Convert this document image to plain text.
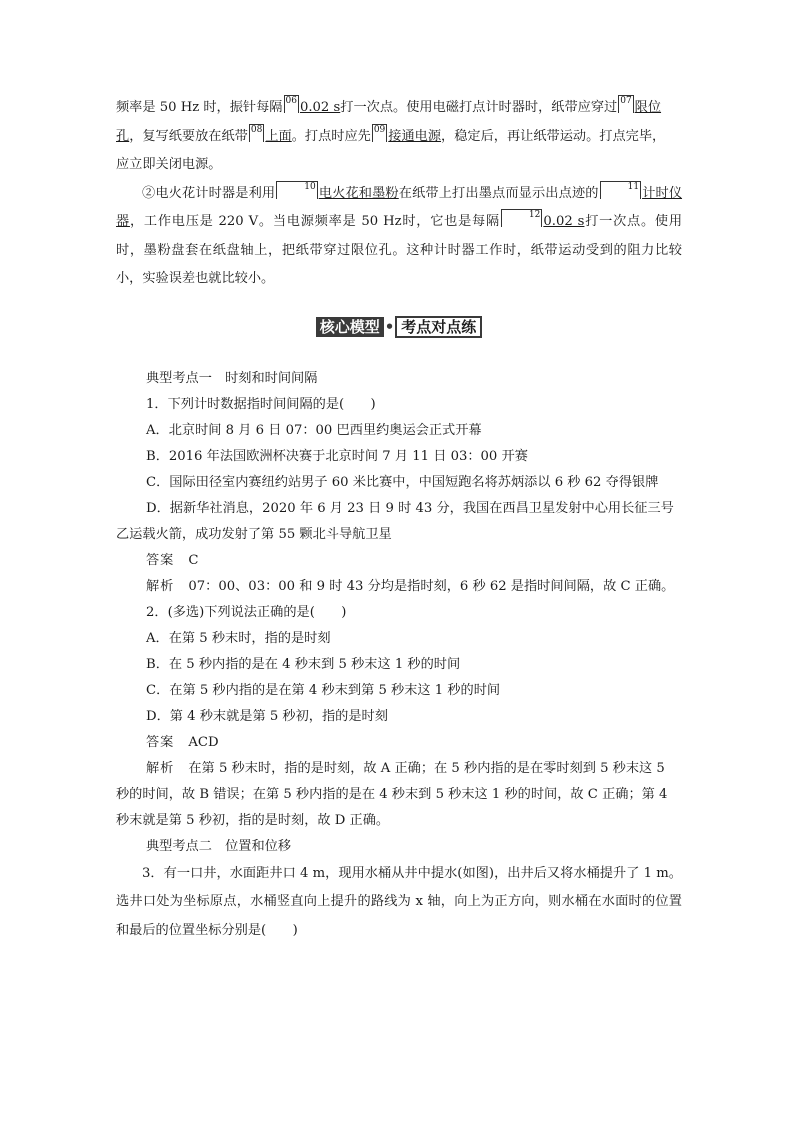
频率是 50 Hz 时，振针每隔 06 0.02 s打一次点。使用电磁打点计时器时，纸带应穿过 07 限位
孔，复写纸要放在纸带 08 上面。打点时应先 09 接通电源，稳定后，再让纸带运动。打点完毕，
应立即关闭电源。

②电火花计时器是利用	10 电火花和墨粉在纸带上打出墨点而显示出点迹的	11 计时仪器，工作电压是 220 V。当电源频率是 50 Hz时，它也是每隔	12 0.02 s打一次点。使用时，墨粉盘套在纸盘轴上，把纸带穿过限位孔。这种计时器工作时，纸带运动受到的阻力比较小，实验误差也就比较小。

核心模型 • 考点对点练

典型考点一　时刻和时间间隔

1．下列计时数据指时间间隔的是(　　)

A．北京时间 8 月 6 日 07：00 巴西里约奥运会正式开幕

B．2016 年法国欧洲杯决赛于北京时间 7 月 11 日 03：00 开赛

C．国际田径室内赛纽约站男子 60 米比赛中，中国短跑名将苏炳添以 6 秒 62 夺得银牌

D．据新华社消息，2020 年 6 月 23 日 9 时 43 分，我国在西昌卫星发射中心用长征三号

乙运载火箭，成功发射了第 55 颗北斗导航卫星

答案 C

解析 07：00、03：00 和 9 时 43 分均是指时刻，6 秒 62 是指时间间隔，故 C 正确。

2．(多选)下列说法正确的是(　　)

A．在第 5 秒末时，指的是时刻

B．在 5 秒内指的是在 4 秒末到 5 秒末这 1 秒的时间

C．在第 5 秒内指的是在第 4 秒末到第 5 秒末这 1 秒的时间

D．第 4 秒末就是第 5 秒初，指的是时刻

答案 ACD

解析 在第 5 秒末时，指的是时刻，故 A 正确；在 5 秒内指的是在零时刻到 5 秒末这 5

秒的时间，故 B 错误；在第 5 秒内指的是在 4 秒末到 5 秒末这 1 秒的时间，故 C 正确；第 4

秒末就是第 5 秒初，指的是时刻，故 D 正确。

典型考点二　位置和位移

3．有一口井，水面距井口 4 m，现用水桶从井中提水(如图)，出井后又将水桶提升了 1 m。选井口处为坐标原点，水桶竖直向上提升的路线为 x 轴，向上为正方向，则水桶在水面时的位置和最后的位置坐标分别是(　　)
